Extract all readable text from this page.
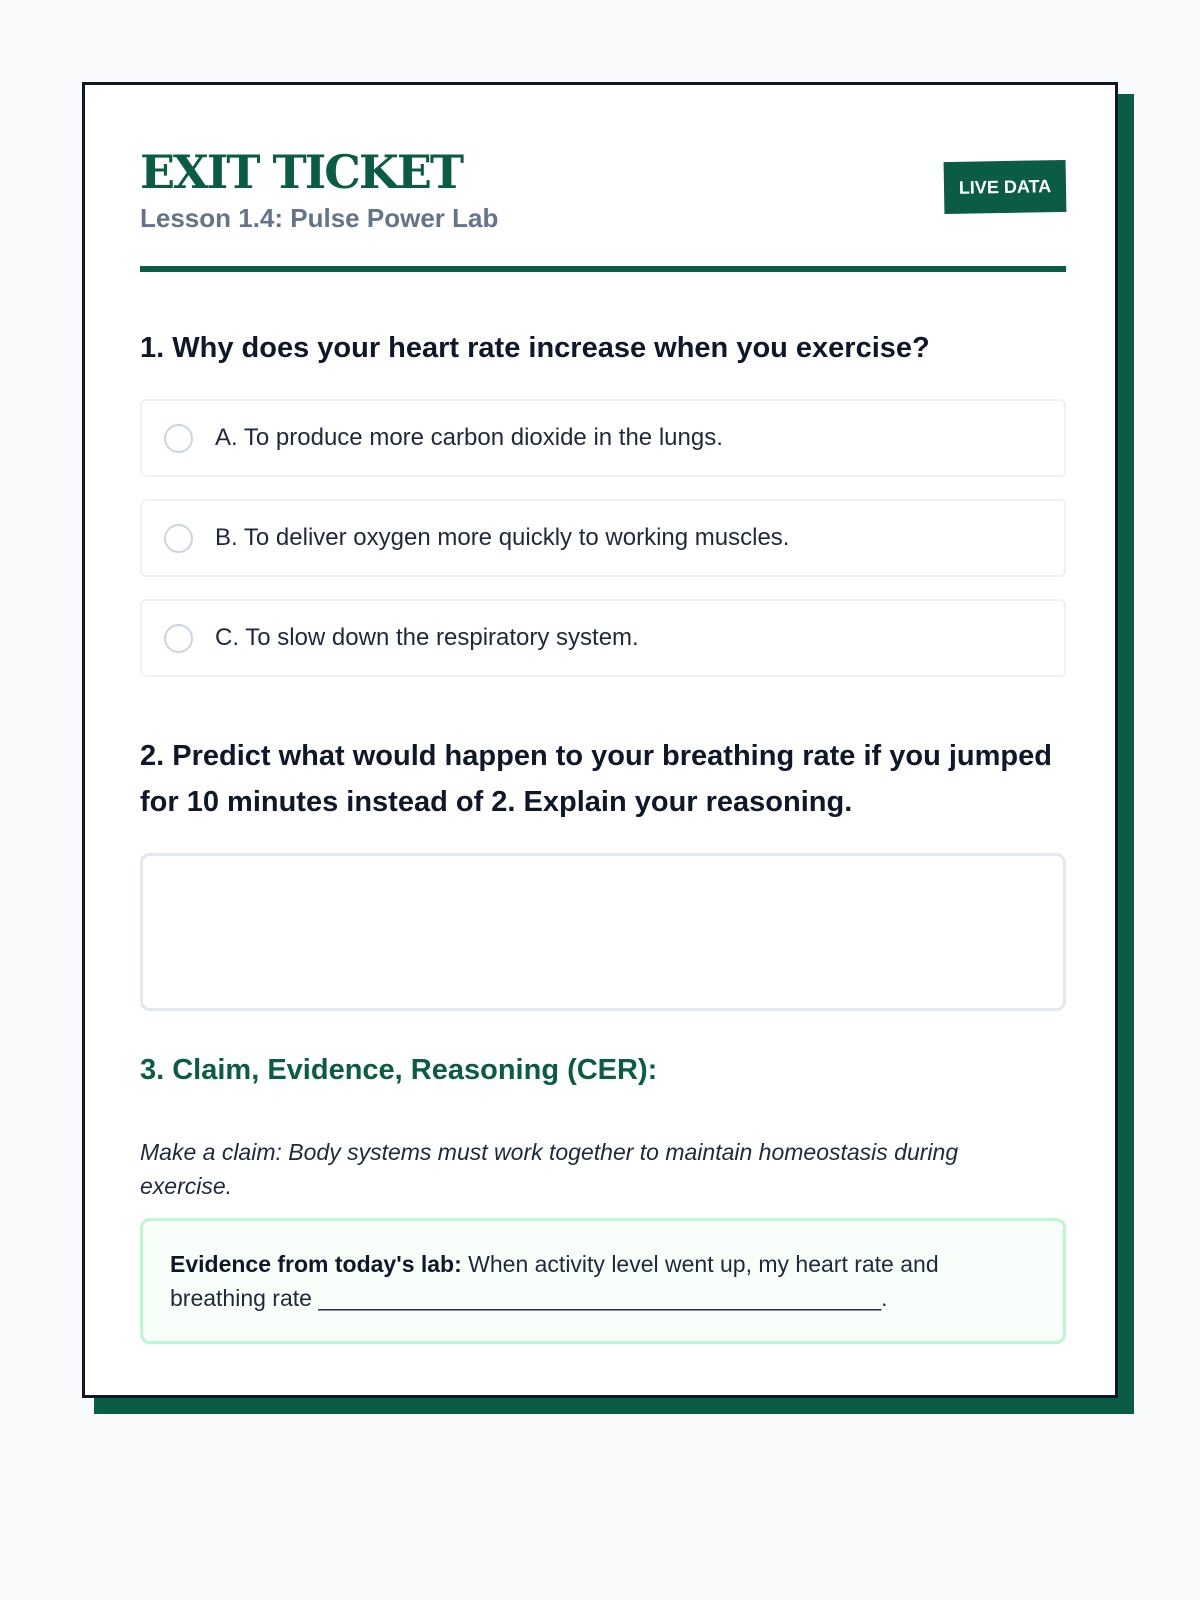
EXIT TICKET
Lesson 1.4: Pulse Power Lab
LIVE DATA
1. Why does your heart rate increase when you exercise?
A. To produce more carbon dioxide in the lungs.
B. To deliver oxygen more quickly to working muscles.
C. To slow down the respiratory system.
2. Predict what would happen to your breathing rate if you jumped for 10 minutes instead of 2. Explain your reasoning.
3. Claim, Evidence, Reasoning (CER):

Make a claim: Body systems must work together to maintain homeostasis during exercise.

Evidence from today's lab: When activity level went up, my heart rate and breathing rate ____________________________________________.
